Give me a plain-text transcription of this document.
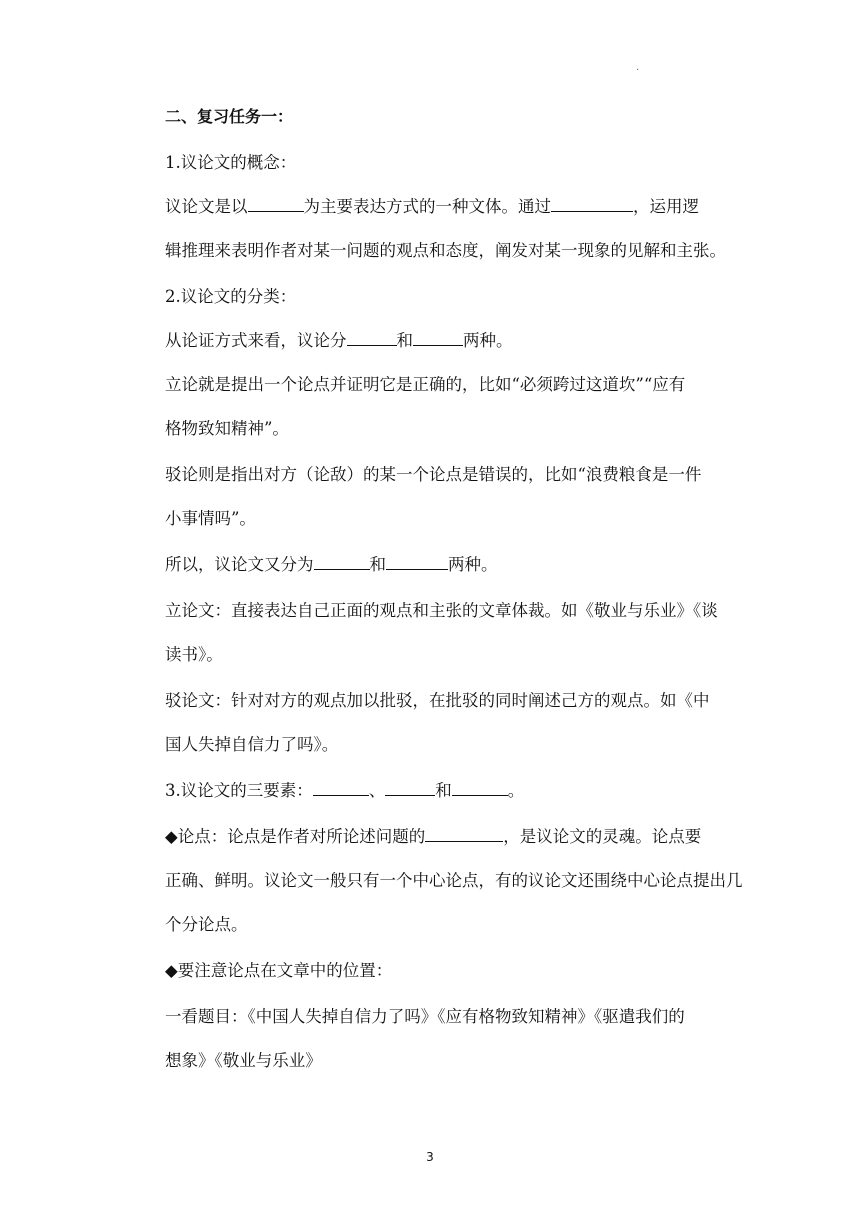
.
二、复习任务一：
1.议论文的概念：
议论文是以	为主要表达方式的一种文体。通过	，运用逻
辑推理来表明作者对某一问题的观点和态度，阐发对某一现象的见解和主张。
2.议论文的分类：
从论证方式来看，议论分	和	两种。
立论就是提出一个论点并证明它是正确的，比如“必须跨过这道坎”“应有
格物致知精神”。
驳论则是指出对方（论敌）的某一个论点是错误的，比如“浪费粮食是一件
小事情吗”。
所以，议论文又分为	和	两种。
立论文：直接表达自己正面的观点和主张的文章体裁。如《敬业与乐业》《谈
读书》。
驳论文：针对对方的观点加以批驳，在批驳的同时阐述己方的观点。如《中
国人失掉自信力了吗》。
3.议论文的三要素：	、	和	。
◆论点：论点是作者对所论述问题的	，是议论文的灵魂。论点要
正确、鲜明。议论文一般只有一个中心论点，有的议论文还围绕中心论点提出几
个分论点。
◆要注意论点在文章中的位置：
一看题目：《中国人失掉自信力了吗》《应有格物致知精神》《驱遣我们的
想象》《敬业与乐业》
3
